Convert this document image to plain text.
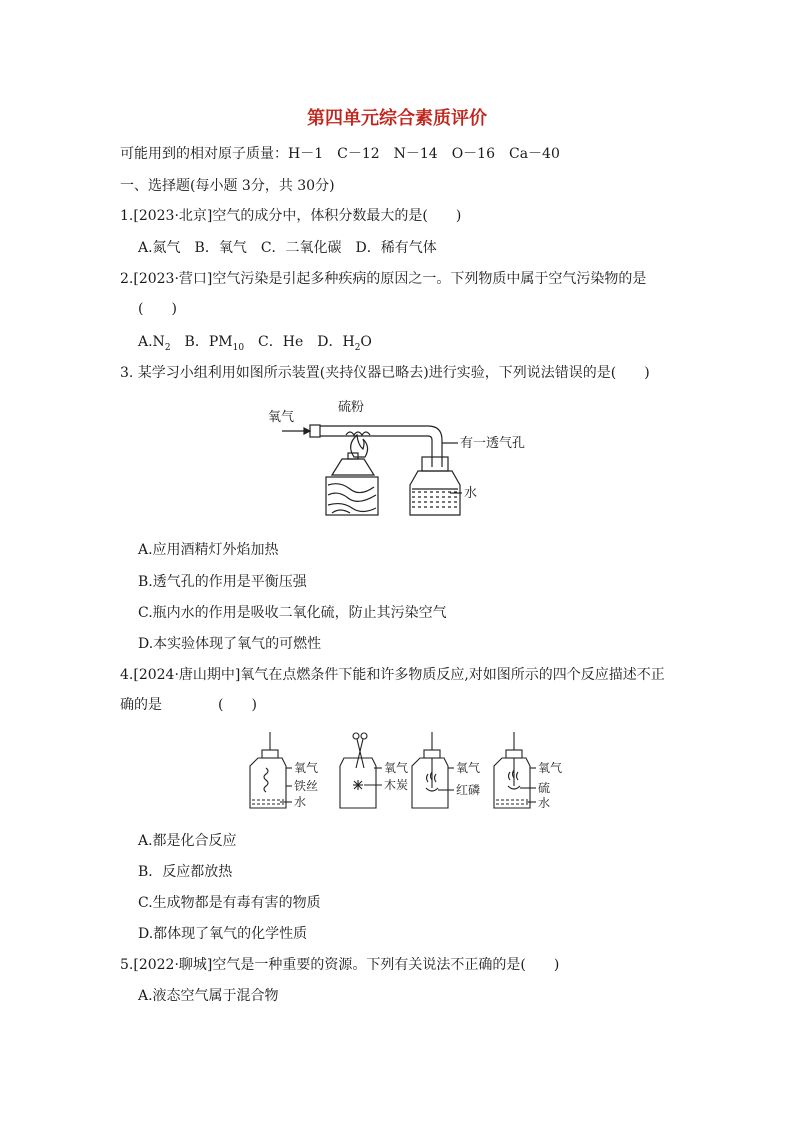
第四单元综合素质评价
可能用到的相对原子质量：H－1　C－12　N－14　O－16　Ca－40
一、选择题(每小题 3分，共 30分)
1.[2023·北京]空气的成分中，体积分数最大的是(　　)
A.氮气　B．氧气　C．二氧化碳　D．稀有气体
2.[2023·营口]空气污染是引起多种疾病的原因之一。下列物质中属于空气污染物的是
(　　)
$A.N_2$　B．$PM_{10}$　C．He　D．$H_2O$
3. 某学习小组利用如图所示装置(夹持仪器已略去)进行实验，下列说法错误的是(　　)
氧气
硫粉
有一透气孔
水
A.应用酒精灯外焰加热
B.透气孔的作用是平衡压强
C.瓶内水的作用是吸收二氧化硫，防止其污染空气
D.本实验体现了氧气的可燃性
4.[2024·唐山期中]氧气在点燃条件下能和许多物质反应,对如图所示的四个反应描述不正
确的是　　　　(　　)
氧气
铁丝
水
氧气
木炭
氧气
红磷
氧气
硫
水
A.都是化合反应
B．反应都放热
C.生成物都是有毒有害的物质
D.都体现了氧气的化学性质
5.[2022·聊城]空气是一种重要的资源。下列有关说法不正确的是(　　)
A.液态空气属于混合物
